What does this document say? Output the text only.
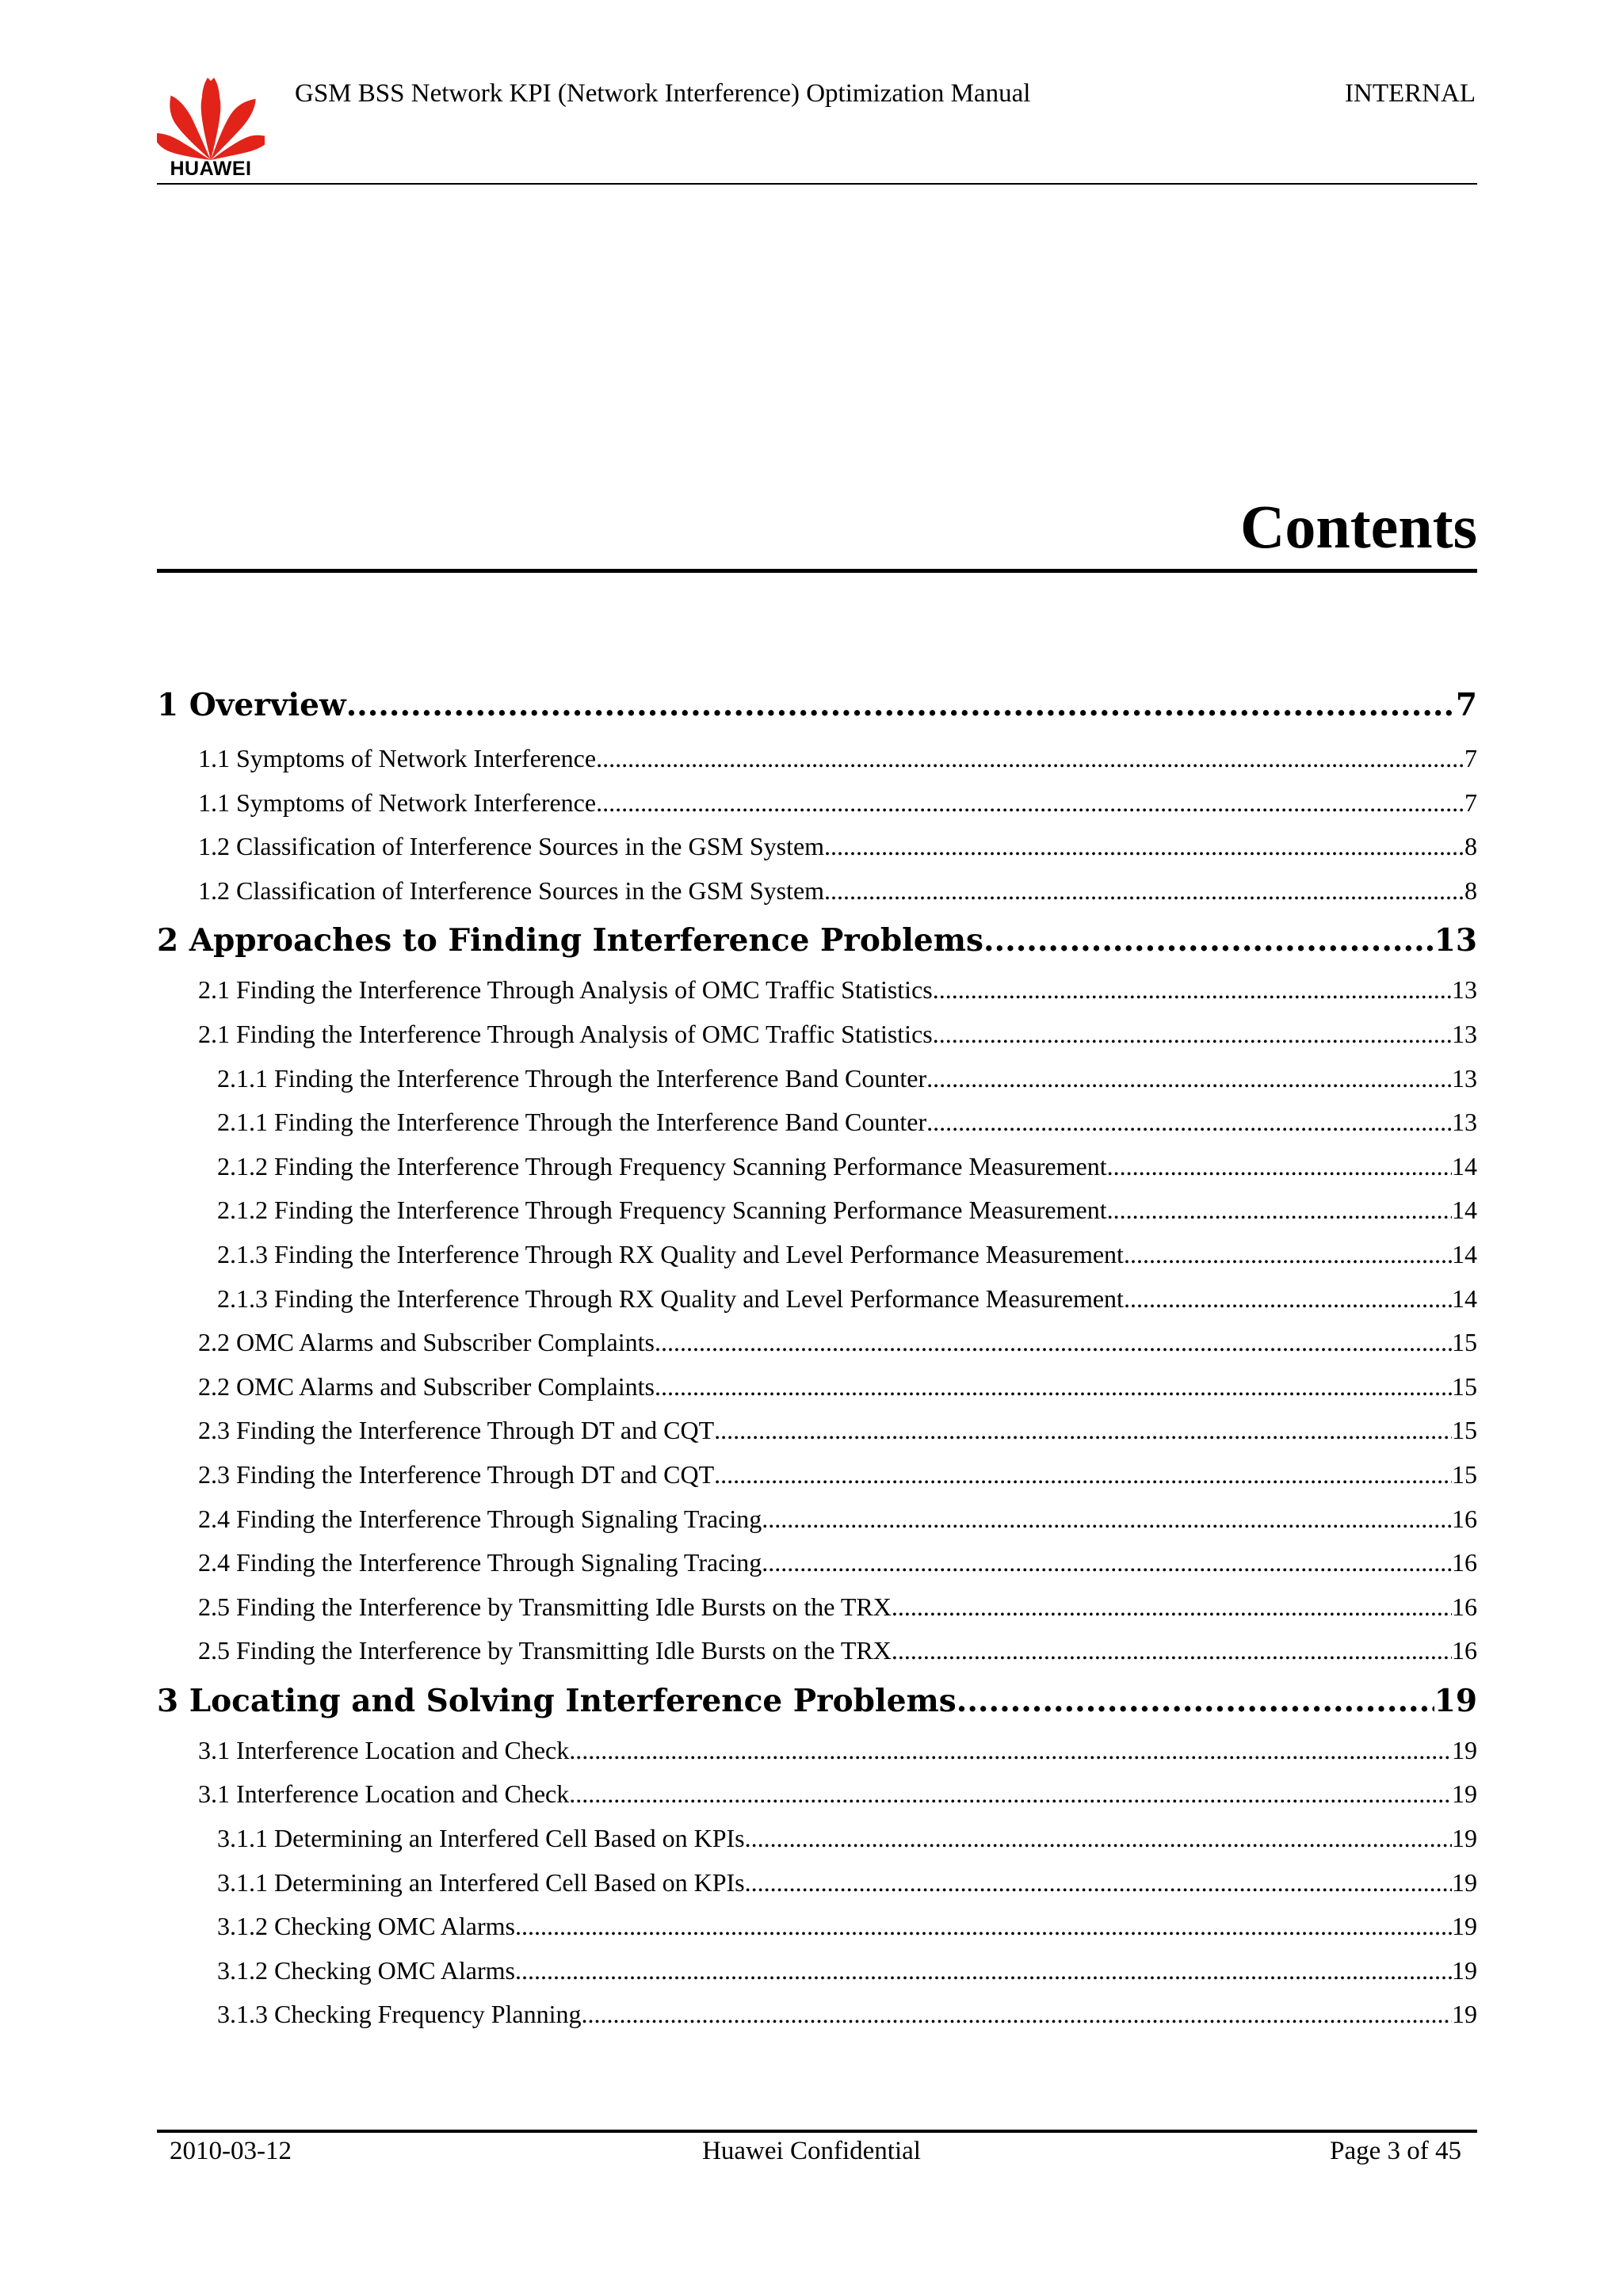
HUAWEI
GSM BSS Network KPI (Network Interference) Optimization Manual	INTERNAL
Contents
1 Overview .....	7
1.1 Symptoms of Network Interference .....	7
1.1 Symptoms of Network Interference .....	7
1.2 Classification of Interference Sources in the GSM System .....	8
1.2 Classification of Interference Sources in the GSM System .....	8
2 Approaches to Finding Interference Problems .....	13
2.1 Finding the Interference Through Analysis of OMC Traffic Statistics .....	13
2.1 Finding the Interference Through Analysis of OMC Traffic Statistics .....	13
2.1.1 Finding the Interference Through the Interference Band Counter .....	13
2.1.1 Finding the Interference Through the Interference Band Counter .....	13
2.1.2 Finding the Interference Through Frequency Scanning Performance Measurement .....	14
2.1.2 Finding the Interference Through Frequency Scanning Performance Measurement .....	14
2.1.3 Finding the Interference Through RX Quality and Level Performance Measurement .....	14
2.1.3 Finding the Interference Through RX Quality and Level Performance Measurement .....	14
2.2 OMC Alarms and Subscriber Complaints .....	15
2.2 OMC Alarms and Subscriber Complaints .....	15
2.3 Finding the Interference Through DT and CQT .....	15
2.3 Finding the Interference Through DT and CQT .....	15
2.4 Finding the Interference Through Signaling Tracing .....	16
2.4 Finding the Interference Through Signaling Tracing .....	16
2.5 Finding the Interference by Transmitting Idle Bursts on the TRX .....	16
2.5 Finding the Interference by Transmitting Idle Bursts on the TRX .....	16
3 Locating and Solving Interference Problems .....	19
3.1 Interference Location and Check .....	19
3.1 Interference Location and Check .....	19
3.1.1 Determining an Interfered Cell Based on KPIs .....	19
3.1.1 Determining an Interfered Cell Based on KPIs .....	19
3.1.2 Checking OMC Alarms .....	19
3.1.2 Checking OMC Alarms .....	19
3.1.3 Checking Frequency Planning .....	19
2010-03-12	Huawei Confidential	Page 3 of 45
